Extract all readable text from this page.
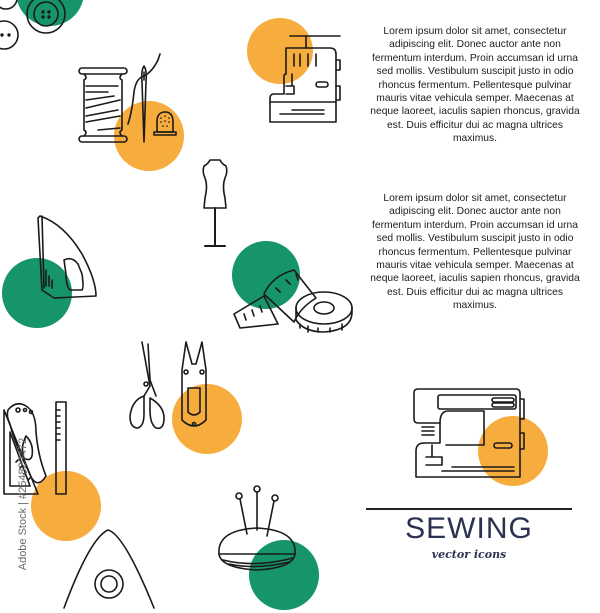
Lorem ipsum dolor sit amet, consectetur adipiscing elit. Donec auctor ante non fermentum interdum. Proin accumsan id urna sed mollis. Vestibulum suscipit justo in odio rhoncus fermentum. Pellentesque pulvinar mauris vitae vehicula semper. Maecenas at neque laoreet, iaculis sapien rhoncus, gravida est. Duis efficitur dui ac magna ultrices maximus.
Lorem ipsum dolor sit amet, consectetur adipiscing elit. Donec auctor ante non fermentum interdum. Proin accumsan id urna sed mollis. Vestibulum suscipit justo in odio rhoncus fermentum. Pellentesque pulvinar mauris vitae vehicula semper. Maecenas at neque laoreet, iaculis sapien rhoncus, gravida est. Duis efficitur dui ac magna ultrices maximus.
SEWING
vector icons
Adobe Stock | #254829472
